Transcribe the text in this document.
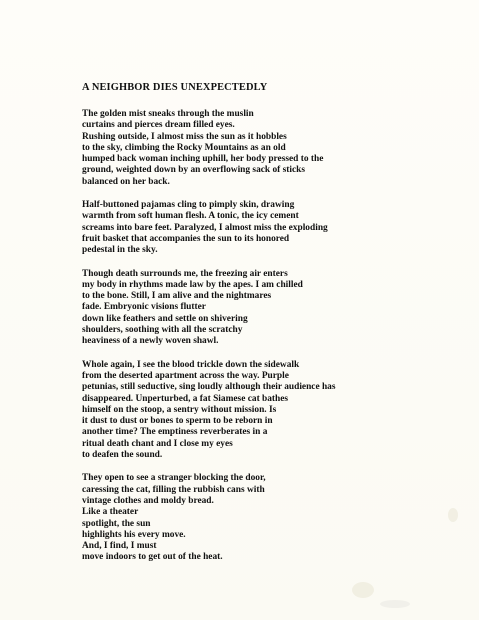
A NEIGHBOR DIES UNEXPECTEDLY
The golden mist sneaks through the muslin
curtains and pierces dream filled eyes.
Rushing outside, I almost miss the sun as it hobbles
to the sky, climbing the Rocky Mountains as an old
humped back woman inching uphill, her body pressed to the
ground, weighted down by an overflowing sack of sticks
balanced on her back.
Half-buttoned pajamas cling to pimply skin, drawing
warmth from soft human flesh. A tonic, the icy cement
screams into bare feet. Paralyzed, I almost miss the exploding
fruit basket that accompanies the sun to its honored
pedestal in the sky.
Though death surrounds me, the freezing air enters
my body in rhythms made law by the apes. I am chilled
to the bone. Still, I am alive and the nightmares
fade. Embryonic visions flutter
down like feathers and settle on shivering
shoulders, soothing with all the scratchy
heaviness of a newly woven shawl.
Whole again, I see the blood trickle down the sidewalk
from the deserted apartment across the way. Purple
petunias, still seductive, sing loudly although their audience has
disappeared. Unperturbed, a fat Siamese cat bathes
himself on the stoop, a sentry without mission. Is
it dust to dust or bones to sperm to be reborn in
another time? The emptiness reverberates in a
ritual death chant and I close my eyes
to deafen the sound.
They open to see a stranger blocking the door,
caressing the cat, filling the rubbish cans with
vintage clothes and moldy bread.
Like a theater
spotlight, the sun
highlights his every move.
And, I find, I must
move indoors to get out of the heat.
